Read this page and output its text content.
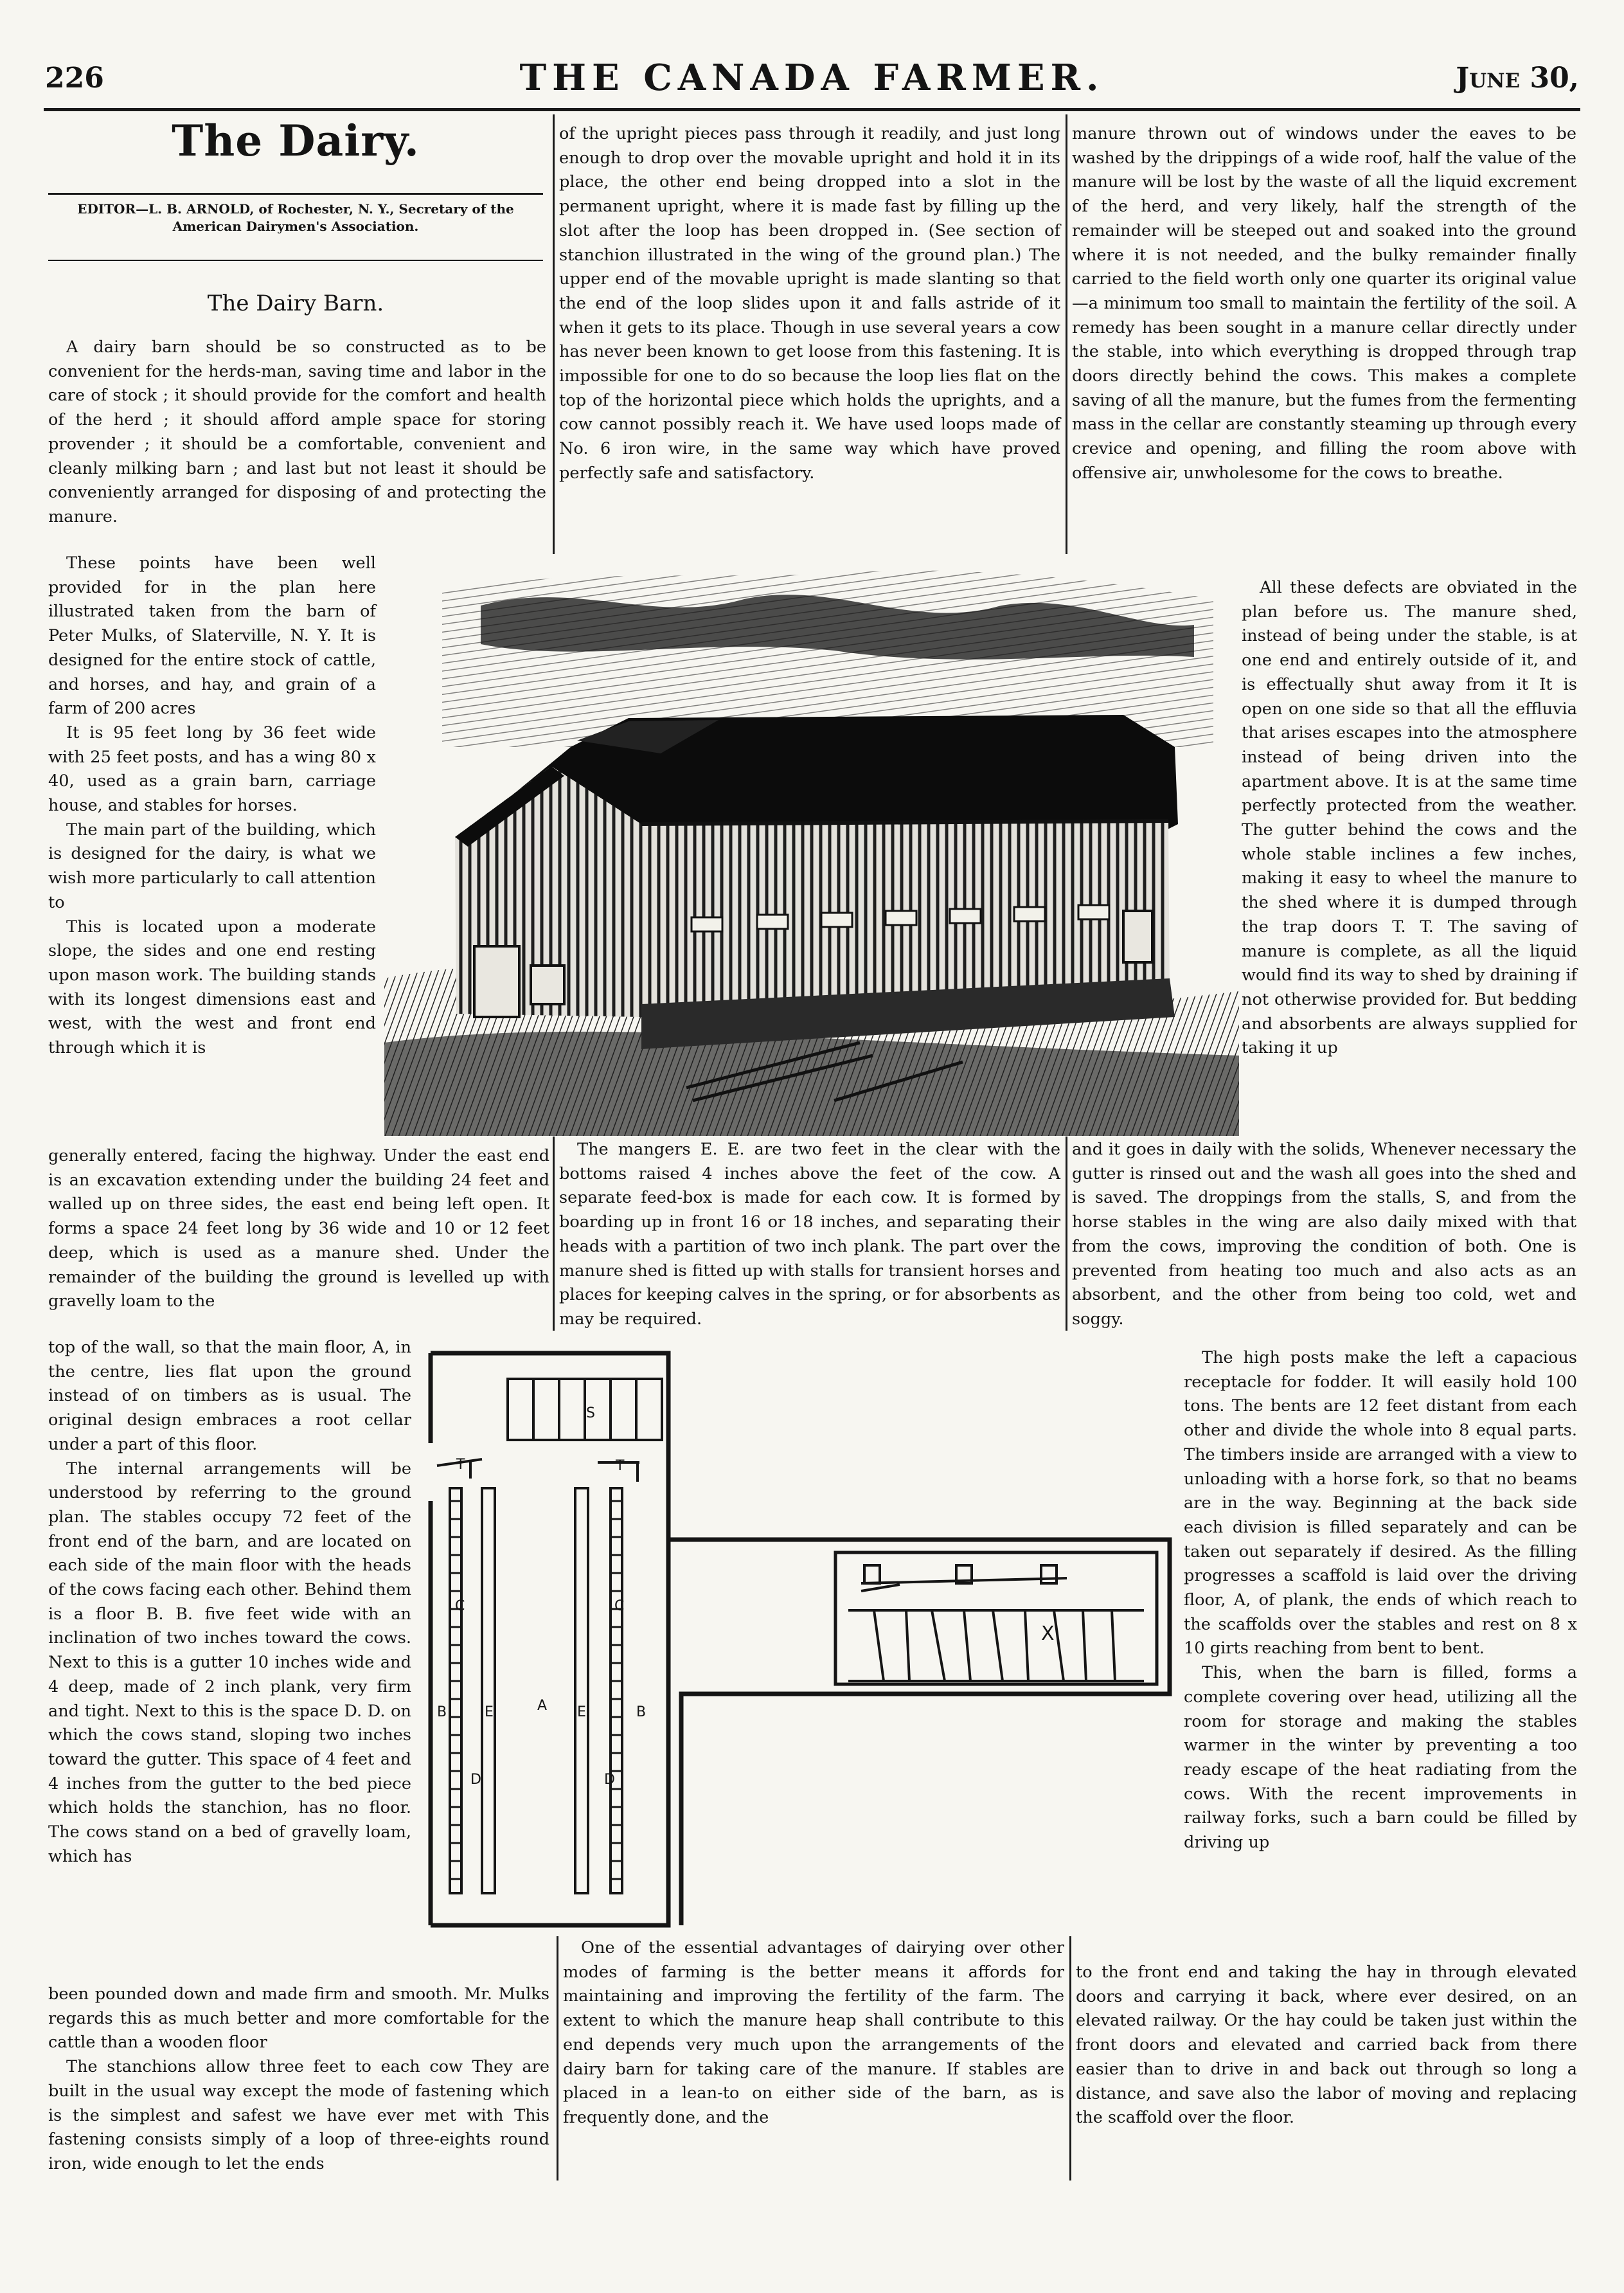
226	THE CANADA FARMER.	June 30,
The Dairy.
EDITOR—L. B. ARNOLD, of Rochester, N. Y., Secretary of the American Dairymen's Association.
The Dairy Barn.

A dairy barn should be so constructed as to be convenient for the herds-man, saving time and labor in the care of stock ; it should provide for the comfort and health of the herd ; it should afford ample space for storing provender ; it should be a comfortable, convenient and cleanly milking barn ; and last but not least it should be conveniently arranged for disposing of and protecting the manure.

These points have been well provided for in the plan here illustrated taken from the barn of Peter Mulks, of Slaterville, N. Y. It is designed for the entire stock of cattle, and horses, and hay, and grain of a farm of 200 acres

It is 95 feet long by 36 feet wide with 25 feet posts, and has a wing 80 x 40, used as a grain barn, carriage house, and stables for horses.

The main part of the building, which is designed for the dairy, is what we wish more particularly to call attention to

This is located upon a moderate slope, the sides and one end resting upon mason work. The building stands with its longest dimensions east and west, with the west and front end through which it is

generally entered, facing the highway. Under the east end is an excavation extending under the building 24 feet and walled up on three sides, the east end being left open. It forms a space 24 feet long by 36 wide and 10 or 12 feet deep, which is used as a manure shed. Under the remainder of the building the ground is levelled up with gravelly loam to the

top of the wall, so that the main floor, A, in the centre, lies flat upon the ground instead of on timbers as is usual. The original design embraces a root cellar under a part of this floor.

The internal arrangements will be understood by referring to the ground plan. The stables occupy 72 feet of the front end of the barn, and are located on each side of the main floor with the heads of the cows facing each other. Behind them is a floor B. B. five feet wide with an inclination of two inches toward the cows. Next to this is a gutter 10 inches wide and 4 deep, made of 2 inch plank, very firm and tight. Next to this is the space D. D. on which the cows stand, sloping two inches toward the gutter. This space of 4 feet and 4 inches from the gutter to the bed piece which holds the stanchion, has no floor. The cows stand on a bed of gravelly loam, which has

been pounded down and made firm and smooth. Mr. Mulks regards this as much better and more comfortable for the cattle than a wooden floor

The stanchions allow three feet to each cow They are built in the usual way except the mode of fastening which is the simplest and safest we have ever met with This fastening consists simply of a loop of three-eights round iron, wide enough to let the ends

of the upright pieces pass through it readily, and just long enough to drop over the movable upright and hold it in its place, the other end being dropped into a slot in the permanent upright, where it is made fast by filling up the slot after the loop has been dropped in. (See section of stanchion illustrated in the wing of the ground plan.) The upper end of the movable upright is made slanting so that the end of the loop slides upon it and falls astride of it when it gets to its place. Though in use several years a cow has never been known to get loose from this fastening. It is impossible for one to do so because the loop lies flat on the top of the horizontal piece which holds the uprights, and a cow cannot possibly reach it. We have used loops made of No. 6 iron wire, in the same way which have proved perfectly safe and satisfactory.

The mangers E. E. are two feet in the clear with the bottoms raised 4 inches above the feet of the cow. A separate feed-box is made for each cow. It is formed by boarding up in front 16 or 18 inches, and separating their heads with a partition of two inch plank. The part over the manure shed is fitted up with stalls for transient horses and places for keeping calves in the spring, or for absorbents as may be required.

One of the essential advantages of dairying over other modes of farming is the better means it affords for maintaining and improving the fertility of the farm. The extent to which the manure heap shall contribute to this end depends very much upon the arrangements of the dairy barn for taking care of the manure. If stables are placed in a lean-to on either side of the barn, as is frequently done, and the

manure thrown out of windows under the eaves to be washed by the drippings of a wide roof, half the value of the manure will be lost by the waste of all the liquid excrement of the herd, and very likely, half the strength of the remainder will be steeped out and soaked into the ground where it is not needed, and the bulky remainder finally carried to the field worth only one quarter its original value—a minimum too small to maintain the fertility of the soil. A remedy has been sought in a manure cellar directly under the stable, into which everything is dropped through trap doors directly behind the cows. This makes a complete saving of all the manure, but the fumes from the fermenting mass in the cellar are constantly steaming up through every crevice and opening, and filling the room above with offensive air, unwholesome for the cows to breathe.

All these defects are obviated in the plan before us. The manure shed, instead of being under the stable, is at one end and entirely outside of it, and is effectually shut away from it It is open on one side so that all the effluvia that arises escapes into the atmosphere instead of being driven into the apartment above. It is at the same time perfectly protected from the weather. The gutter behind the cows and the whole stable inclines a few inches, making it easy to wheel the manure to the shed where it is dumped through the trap doors T. T. The saving of manure is complete, as all the liquid would find its way to shed by draining if not otherwise provided for. But bedding and absorbents are always supplied for taking it up

and it goes in daily with the solids, Whenever necessary the gutter is rinsed out and the wash all goes into the shed and is saved. The droppings from the stalls, S, and from the horse stables in the wing are also daily mixed with that from the cows, improving the condition of both. One is prevented from heating too much and also acts as an absorbent, and the other from being too cold, wet and soggy.

The high posts make the left a capacious receptacle for fodder. It will easily hold 100 tons. The bents are 12 feet distant from each other and divide the whole into 8 equal parts. The timbers inside are arranged with a view to unloading with a horse fork, so that no beams are in the way. Beginning at the back side each division is filled separately and can be taken out separately if desired. As the filling progresses a scaffold is laid over the driving floor, A, of plank, the ends of which reach to the scaffolds over the stables and rest on 8 x 10 girts reaching from bent to bent.

This, when the barn is filled, forms a complete covering over head, utilizing all the room for storage and making the stables warmer in the winter by preventing a too ready escape of the heat radiating from the cows. With the recent improvements in railway forks, such a barn could be filled by driving up

to the front end and taking the hay in through elevated doors and carrying it back, where ever desired, on an elevated railway. Or the hay could be taken just within the front doors and elevated and carried back from there easier than to drive in and back out through so long a distance, and save also the labor of moving and replacing the scaffold over the floor.

S
T	T
C	C
B	E	A E	B
D	D
X
